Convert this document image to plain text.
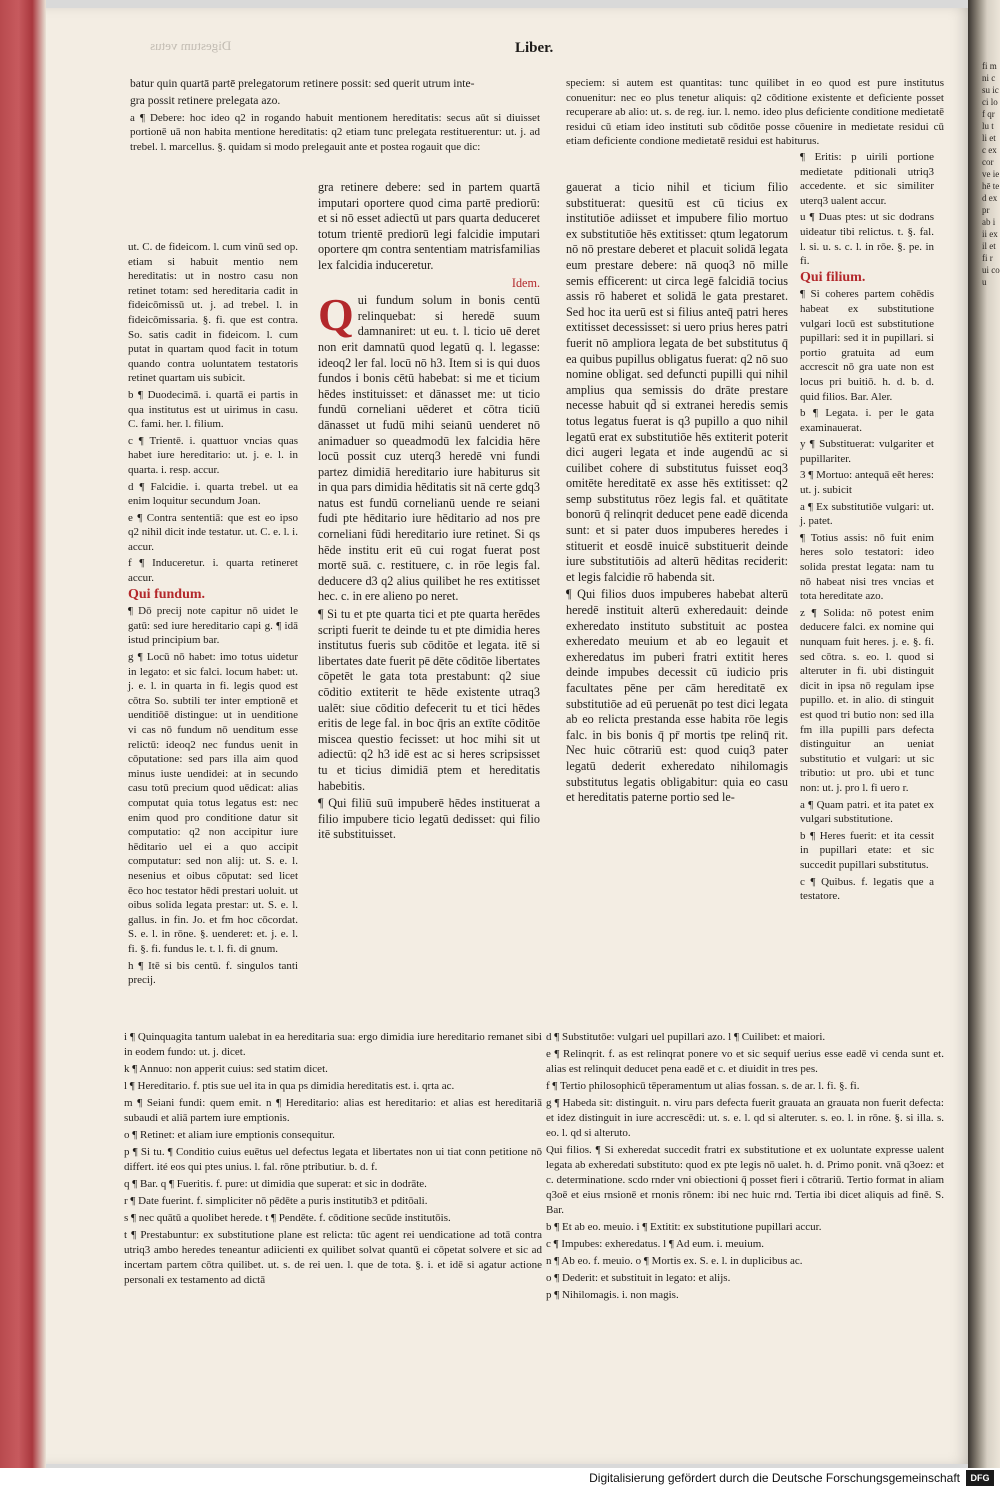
fi m ni c su ic ci lo f qr lu t li et c ex cor ve ie hē te d ex pr ab i ii ex il et fi r ui co u
Digestum vetus	Liber.

batur quin quartā partē prelegatorum retinere possit: sed querit utrum inte-

gra possit retinere prelegata azo.

a ¶ Debere: hoc ideo q2 in rogando habuit mentionem hereditatis: secus aūt si diuisset portionē uā non habita mentione hereditatis: q2 etiam tunc prelegata restituerentur: ut. j. ad trebel. l. marcellus. §. quidam si modo prelegauit ante et postea rogauit que dic:

speciem: si autem est quantitas: tunc quilibet in eo quod est pure institutus conuenitur: nec eo plus tenetur aliquis: q2 cōditione existente et deficiente posset recuperare ab alio: ut. s. de reg. iur. l. nemo. ideo plus deficiente conditione medietatē residui cū etiam ideo instituti sub cōditōe posse cōuenire in medietate residui cū etiam deficiente condione medietatē residui est habiturus.

ut. C. de fideicom. l. cum vinū sed op. etiam si habuit mentio nem hereditatis: ut in nostro casu non retinet totam: sed hereditaria cadit in fideicōmissū ut. j. ad trebel. l. in fideicōmissaria. §. fi. que est contra. So. satis cadit in fideicom. l. cum putat in quartam quod facit in totum quando contra uoluntatem testatoris retinet quartam uis subicit.

b ¶ Duodecimā. i. quartā ei partis in qua institutus est ut uirimus in casu. C. fami. her. l. filium.

c ¶ Trientē. i. quattuor vncias quas habet iure hereditario: ut. j. e. l. in quarta. i. resp. accur.

d ¶ Falcidie. i. quarta trebel. ut ea enim loquitur secundum Joan.

e ¶ Contra sententiā: que est eo ipso q2 nihil dicit inde testatur. ut. C. e. l. i. accur.

f ¶ Induceretur. i. quarta retineret accur.

Qui fundum.

¶ Dō precij note capitur nō uidet le gatū: sed iure hereditario capi g. ¶ idā istud principium bar.

g ¶ Locū nō habet: imo totus uidetur in legato: et sic falci. locum habet: ut. j. e. l. in quarta in fi. legis quod est cōtra So. subtili ter inter emptionē et uenditiōē distingue: ut in uenditione vi cas nō fundum nō uenditum esse relictū: ideoq2 nec fundus uenit in cōputatione: sed pars illa aim quod minus iuste uendidei: at in secundo casu totū precium quod uēdicat: alias computat quia totus legatus est: nec enim quod pro conditione datur sit computatio: q2 non accipitur iure hēditario uel ei a quo accipit computatur: sed non alij: ut. S. e. l. nesenius et oibus cōputat: sed licet ēco hoc testator hēdi prestari uoluit. ut oibus solida legata prestar: ut. S. e. l. gallus. in fin. Jo. et fm hoc cōcordat. S. e. l. in rōne. §. uenderet: et. j. e. l. fi. §. fi. fundus le. t. l. fi. di gnum.

h ¶ Itē si bis centū. f. singulos tanti precij.

gra retinere debere: sed in partem quartā imputari oportere quod cima partē prediorū: et si nō esset adiectū ut pars quarta deduceret totum trientē prediorū legi falcidie imputari oportere qm contra sententiam matrisfamilias lex falcidia induceretur.

Idem.

Q ui fundum solum in bonis centū relinquebat: si heredē suum damnaniret: ut eu. t. l. ticio uē deret non erit damnatū quod legatū q. l. legasse: ideoq2 ler fal. locū nō h3. Item si is qui duos fundos i bonis cētū habebat: si me et ticium hēdes instituisset: et dānasset me: ut ticio fundū corneliani uēderet et cōtra ticiū dānasset ut fudū mihi seianū uenderet nō animaduer so queadmodū lex falcidia hēre locū possit cuz uterq3 heredē vni fundi partez dimidiā hereditario iure habiturus sit in qua pars dimidia hēditatis sit nā certe gdq3 natus est fundū cornelianū uende re seiani fudi pte hēditario iure hēditario ad nos pre corneliani fūdi hereditario iure retinet. Si qs hēde institu erit eū cui rogat fuerat post mortē suā. c. restituere, c. in rōe legis fal. deducere d3 q2 alius quilibet he res extitisset hec. c. in ere alieno po neret.

¶ Si tu et pte quarta tici et pte quarta herēdes scripti fuerit te deinde tu et pte dimidia heres institutus fueris sub cōditōe et legata. itē si libertates date fuerit pē dēte cōditōe libertates cōpetēt le gata tota prestabunt: q2 siue cōditio extiterit te hēde existente utraq3 ualēt: siue cōditio defecerit tu et tici hēdes eritis de lege fal. in boc q̄ris an extīte cōditōe miscea questio fecisset: ut hoc mihi sit ut adiectū: q2 h3 idē est ac si heres scripsisset tu et ticius dimidiā ptem et hereditatis habebitis.

¶ Qui filiū suū impuberē hēdes instituerat a filio impubere ticio legatū dedisset: qui filio itē substituisset.

gauerat a ticio nihil et ticium filio substituerat: quesitū est cū ticius ex institutiōe adiisset et impubere filio mortuo ex substitutiōe hēs extitisset: qtum legatorum nō nō prestare deberet et placuit solidā legata eum prestare debere: nā quoq3 nō mille semis efficerent: ut circa legē falcidiā tocius assis rō haberet et solidā le gata prestaret. Sed hoc ita uerū est si filius anteq̄ patri heres extitisset decessisset: si uero prius heres patri fuerit nō ampliora legata de bet substitutus q̄ ea quibus pupillus obligatus fuerat: q2 nō suo nomine obligat. sed defuncti pupilli qui nihil amplius qua semissis do drāte prestare necesse habuit qd̄ si extranei heredis semis totus legatus fuerat is q3 pupillo a quo nihil legatū erat ex substitutiōe hēs extiterit poterit dici augeri legata et inde augendū ac si cuilibet cohere di substitutus fuisset eoq3 omitēte hereditatē ex asse hēs extitisset: q2 semp substitutus rōez legis fal. et quātitate bonorū q̄ relinqrit deducet pene eadē dicenda sunt: et si pater duos impuberes heredes i stituerit et eosdē inuicē substituerit deinde iure substitutiōis ad alterū hēditas reciderit: et legis falcidie rō habenda sit.

¶ Qui filios duos impuberes habebat alterū heredē instituit alterū exheredauit: deinde exheredato instituto substituit ac postea exheredato meuium et ab eo legauit et exheredatus im puberi fratri extitit heres deinde impubes decessit cū iudicio pris facultates pēne per cām hereditatē ex substitutiōe ad eū peruenāt po test dici legata ab eo relicta prestanda esse habita rōe legis falc. in bis bonis q̄ pr̄ mortis tpe relinq̄ rit. Nec huic cōtrariū est: quod cuiq3 pater legatū dederit exheredato nihilomagis substitutus legatis obligabitur: quia eo casu et hereditatis paterne portio sed le-

¶ Eritis: p uirili portione medietate pditionali utriq3 accedente. et sic similiter uterq3 ualent accur.

u ¶ Duas ptes: ut sic dodrans uideatur tibi relictus. t. §. fal. l. si. u. s. c. l. in rōe. §. pe. in fi.

Qui filium.

¶ Si coheres partem cohēdis habeat ex substitutione vulgari locū est substitutione pupillari: sed it in pupillari. si portio gratuita ad eum accrescit nō gra uate non est locus pri buitiō. h. d. b. d. quid filios. Bar. Aler.

b ¶ Legata. i. per le gata examinauerat.

y ¶ Substituerat: vulgariter et pupillariter.

3 ¶ Mortuo: antequā eēt heres: ut. j. subicit

a ¶ Ex substitutiōe vulgari: ut. j. patet.

¶ Totius assis: nō fuit enim heres solo testatori: ideo solida prestat legata: nam tu nō habeat nisi tres vncias et tota hereditate azo.

z ¶ Solida: nō potest enim deducere falci. ex nomine qui nunquam fuit heres. j. e. §. fi. sed cōtra. s. eo. l. quod si alteruter in fi. ubi distinguit dicit in ipsa nō regulam ipse pupillo. et. in alio. di stinguit est quod tri butio non: sed illa fm illa pupilli pars defecta distinguitur an ueniat substitutio et vulgari: ut sic tributio: ut pro. ubi et tunc non: ut. j. pro l. fi uero r.

a ¶ Quam patri. et ita patet ex vulgari substitutione.

b ¶ Heres fuerit: et ita cessit in pupillari etate: et sic succedit pupillari substitutus.

c ¶ Quibus. f. legatis que a testatore.

i ¶ Quinquagita tantum ualebat in ea hereditaria sua: ergo dimidia iure hereditario remanet sibi in eodem fundo: ut. j. dicet.

k ¶ Annuo: non apperit cuius: sed statim dicet.

l ¶ Hereditario. f. ptis sue uel ita in qua ps dimidia hereditatis est. i. qrta ac.

m ¶ Seiani fundi: quem emit. n ¶ Hereditario: alias est hereditario: et alias est hereditariā subaudi et aliā partem iure emptionis.

o ¶ Retinet: et aliam iure emptionis consequitur.

p ¶ Si tu. ¶ Conditio cuius euētus uel defectus legata et libertates non ui tiat conn petitione nō differt. ité eos qui ptes unius. l. fal. rōne ptributiur. b. d. f.

q ¶ Bar. q ¶ Fueritis. f. pure: ut dimidia que superat: et sic in dodrāte.

r ¶ Date fuerint. f. simpliciter nō pēdēte a puris institutib3 et pditōali.

s ¶ nec quātū a quolibet herede. t ¶ Pendēte. f. cōditione secūde institutōis.

t ¶ Prestabuntur: ex substitutione plane est relicta: tūc agent rei uendicatione ad totā contra utriq3 ambo heredes teneantur adiicienti ex quilibet solvat quantū ei cōpetat solvere et sic ad incertam partem cōtra quilibet. ut. s. de rei uen. l. que de tota. §. i. et idē si agatur actione personali ex testamento ad dictā

d ¶ Substitutōe: vulgari uel pupillari azo. l ¶ Cuilibet: et maiori.

e ¶ Relinqrit. f. as est relinqrat ponere vo et sic sequif uerius esse eadē vi cenda sunt et. alias est relinquit deducet pena eadē et c. et diuidit in tres pes.

f ¶ Tertio philosophicū tēperamentum ut alias fossan. s. de ar. l. fi. §. fi.

g ¶ Habeda sit: distinguit. n. viru pars defecta fuerit grauata an grauata non fuerit defecta: et idez distinguit in iure accrescēdi: ut. s. e. l. qd si alteruter. s. eo. l. in rōne. §. si illa. s. eo. l. qd si alteruto.

Qui filios. ¶ Si exheredat succedit fratri ex substitutione et ex uoluntate expresse ualent legata ab exheredati substituto: quod ex pte legis nō ualet. h. d. Primo ponit. vnā q3oez: et c. determinatione. scdo rnder vni obiectioni q̄ posset fieri i cōtrariū. Tertio format in aliam q3oē et eius rnsionē et rnonis rōnem: ibi nec huic rnd. Tertia ibi dicet aliquis ad finē. S. Bar.

b ¶ Et ab eo. meuio. i ¶ Extitit: ex substitutione pupillari accur.

c ¶ Impubes: exheredatus. l ¶ Ad eum. i. meuium.

n ¶ Ab eo. f. meuio. o ¶ Mortis ex. S. e. l. in duplicibus ac.

o ¶ Dederit: et substituit in legato: et alijs.

p ¶ Nihilomagis. i. non magis.

Digitalisierung gefördert durch die Deutsche Forschungsgemeinschaft	DFG
